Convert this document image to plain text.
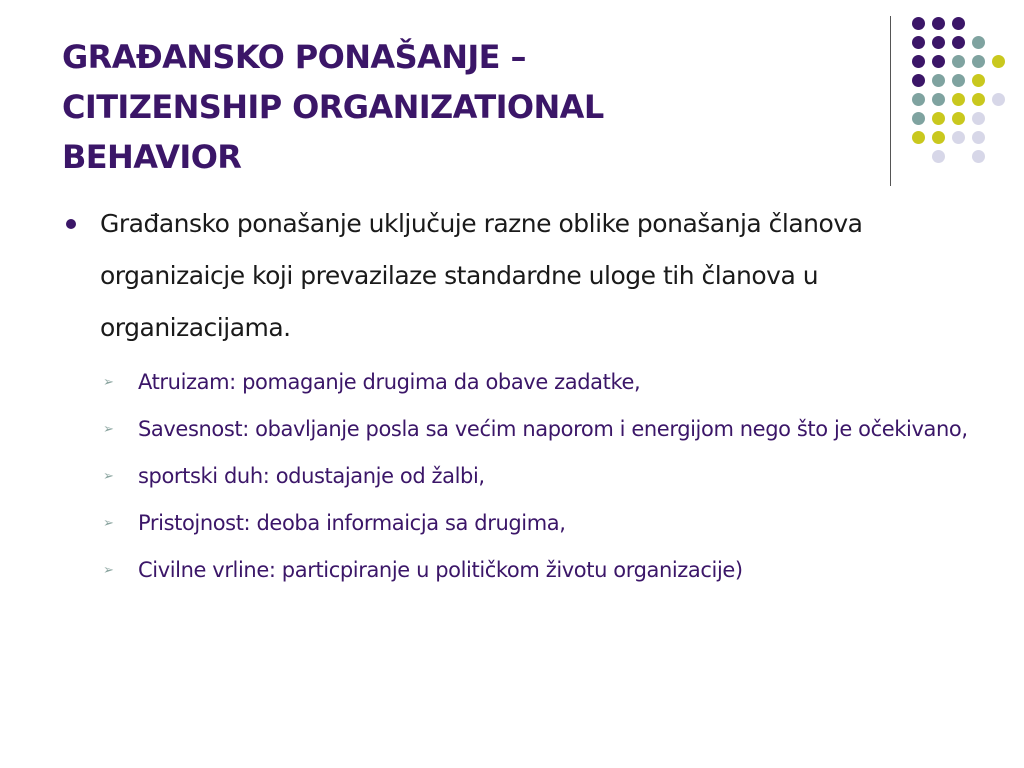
GRAĐANSKO PONAŠANJE –
CITIZENSHIP ORGANIZATIONAL
BEHAVIOR

Građansko ponašanje uključuje razne oblike ponašanja članova organizaicje koji prevazilaze standardne uloge tih članova u organizacijama.

➢ Atruizam: pomaganje drugima da obave zadatke,
➢ Savesnost: obavljanje posla sa većim naporom i energijom nego što je očekivano,
➢ sportski duh: odustajanje od žalbi,
➢ Pristojnost: deoba informaicja sa drugima,
➢ Civilne vrline: particpiranje u političkom životu organizacije)
